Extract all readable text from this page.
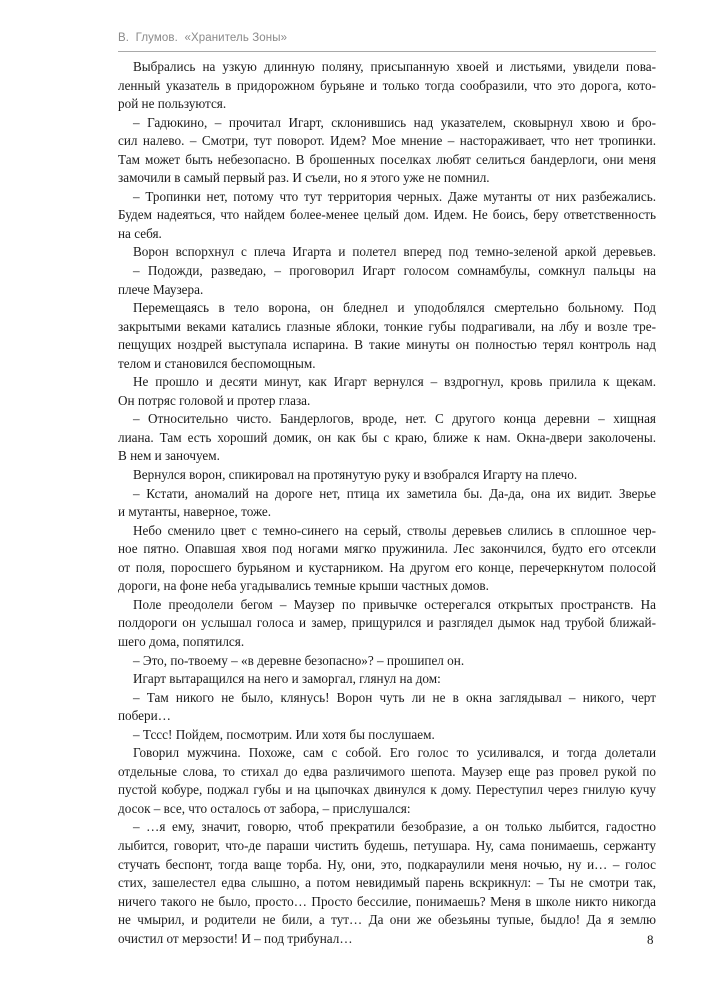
В.  Глумов.  «Хранитель Зоны»
Выбрались на узкую длинную поляну, присыпанную хвоей и листьями, увидели пова-
ленный указатель в придорожном бурьяне и только тогда сообразили, что это дорога, кото-
рой не пользуются.
– Гадюкино, – прочитал Игарт, склонившись над указателем, сковырнул хвою и бро-
сил налево. – Смотри, тут поворот. Идем? Мое мнение – настораживает, что нет тропинки.
Там может быть небезопасно. В брошенных поселках любят селиться бандерлоги, они меня
замочили в самый первый раз. И съели, но я этого уже не помнил.
– Тропинки нет, потому что тут территория черных. Даже мутанты от них разбежались.
Будем надеяться, что найдем более-менее целый дом. Идем. Не боись, беру ответственность
на себя.
Ворон вспорхнул с плеча Игарта и полетел вперед под темно-зеленой аркой деревьев.
– Подожди, разведаю, – проговорил Игарт голосом сомнамбулы, сомкнул пальцы на
плече Маузера.
Перемещаясь в тело ворона, он бледнел и уподоблялся смертельно больному. Под
закрытыми веками катались глазные яблоки, тонкие губы подрагивали, на лбу и возле тре-
пещущих ноздрей выступала испарина. В такие минуты он полностью терял контроль над
телом и становился беспомощным.
Не прошло и десяти минут, как Игарт вернулся – вздрогнул, кровь прилила к щекам.
Он потряс головой и протер глаза.
– Относительно чисто. Бандерлогов, вроде, нет. С другого конца деревни – хищная
лиана. Там есть хороший домик, он как бы с краю, ближе к нам. Окна-двери заколочены.
В нем и заночуем.
Вернулся ворон, спикировал на протянутую руку и взобрался Игарту на плечо.
– Кстати, аномалий на дороге нет, птица их заметила бы. Да-да, она их видит. Зверье
и мутанты, наверное, тоже.
Небо сменило цвет с темно-синего на серый, стволы деревьев слились в сплошное чер-
ное пятно. Опавшая хвоя под ногами мягко пружинила. Лес закончился, будто его отсекли
от поля, поросшего бурьяном и кустарником. На другом его конце, перечеркнутом полосой
дороги, на фоне неба угадывались темные крыши частных домов.
Поле преодолели бегом – Маузер по привычке остерегался открытых пространств. На
полдороги он услышал голоса и замер, прищурился и разглядел дымок над трубой ближай-
шего дома, попятился.
– Это, по-твоему – «в деревне безопасно»? – прошипел он.
Игарт вытаращился на него и заморгал, глянул на дом:
– Там никого не было, клянусь! Ворон чуть ли не в окна заглядывал – никого, черт
побери…
– Тссс! Пойдем, посмотрим. Или хотя бы послушаем.
Говорил мужчина. Похоже, сам с собой. Его голос то усиливался, и тогда долетали
отдельные слова, то стихал до едва различимого шепота. Маузер еще раз провел рукой по
пустой кобуре, поджал губы и на цыпочках двинулся к дому. Переступил через гнилую кучу
досок – все, что осталось от забора, – прислушался:
– …я ему, значит, говорю, чтоб прекратили безобразие, а он только лыбится, гадостно
лыбится, говорит, что-де параши чистить будешь, петушара. Ну, сама понимаешь, сержанту
стучать беспонт, тогда ваще торба. Ну, они, это, подкараулили меня ночью, ну и… – голос
стих, зашелестел едва слышно, а потом невидимый парень вскрикнул: – Ты не смотри так,
ничего такого не было, просто… Просто бессилие, понимаешь? Меня в школе никто никогда
не чмырил, и родители не били, а тут… Да они же обезьяны тупые, быдло! Да я землю
очистил от мерзости! И – под трибунал…	8
